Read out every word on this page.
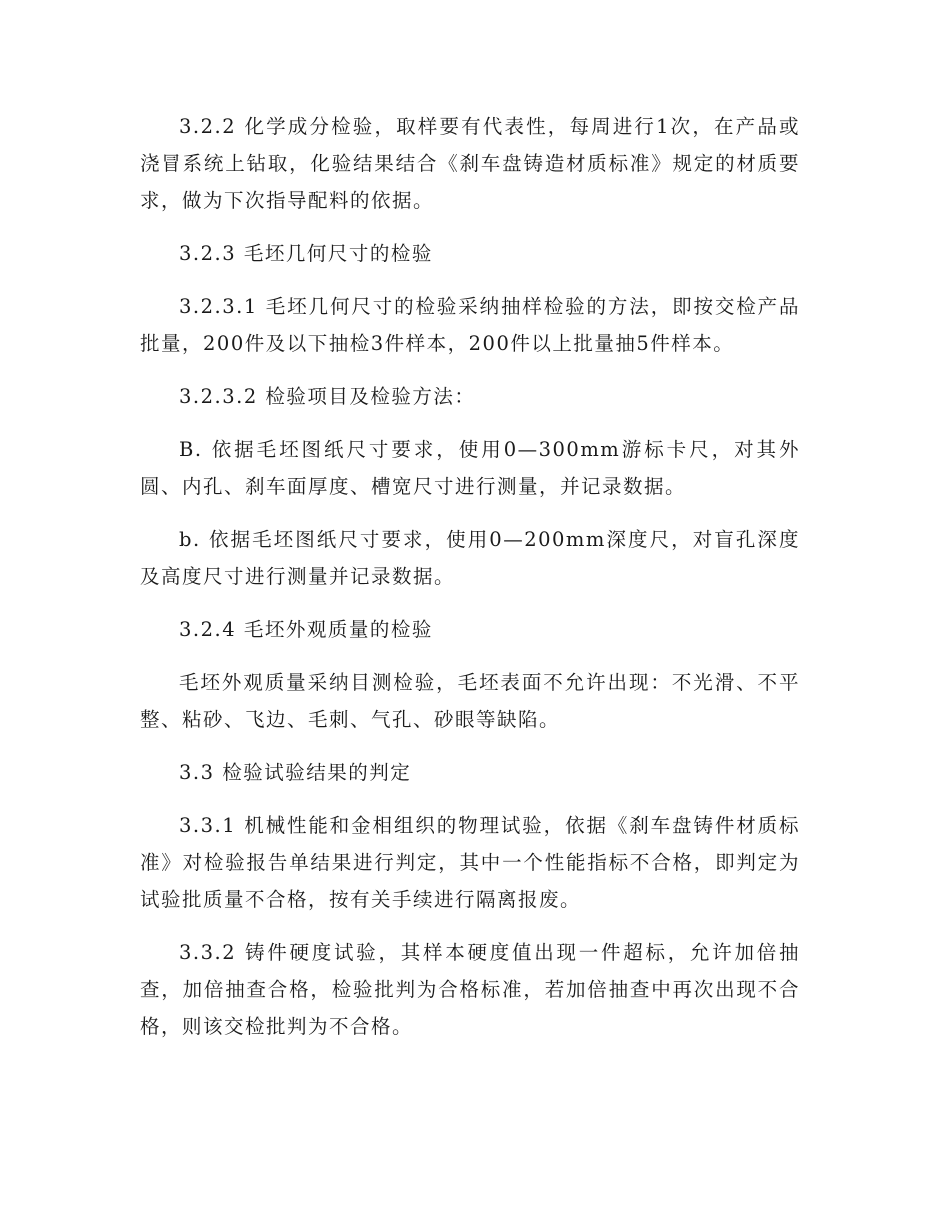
3.2.2 化学成分检验，取样要有代表性，每周进行1次，在产品或浇冒系统上钻取，化验结果结合《刹车盘铸造材质标准》规定的材质要求，做为下次指导配料的依据。

3.2.3 毛坯几何尺寸的检验

3.2.3.1 毛坯几何尺寸的检验采纳抽样检验的方法，即按交检产品批量，200件及以下抽检3件样本，200件以上批量抽5件样本。

3.2.3.2 检验项目及检验方法：

B. 依据毛坯图纸尺寸要求，使用0—300mm游标卡尺，对其外圆、内孔、刹车面厚度、槽宽尺寸进行测量，并记录数据。

b. 依据毛坯图纸尺寸要求，使用0—200mm深度尺，对盲孔深度及高度尺寸进行测量并记录数据。

3.2.4 毛坯外观质量的检验

毛坯外观质量采纳目测检验，毛坯表面不允许出现：不光滑、不平整、粘砂、飞边、毛刺、气孔、砂眼等缺陷。

3.3 检验试验结果的判定

3.3.1 机械性能和金相组织的物理试验，依据《刹车盘铸件材质标准》对检验报告单结果进行判定，其中一个性能指标不合格，即判定为试验批质量不合格，按有关手续进行隔离报废。

3.3.2 铸件硬度试验，其样本硬度值出现一件超标，允许加倍抽查，加倍抽查合格，检验批判为合格标准，若加倍抽查中再次出现不合格，则该交检批判为不合格。
